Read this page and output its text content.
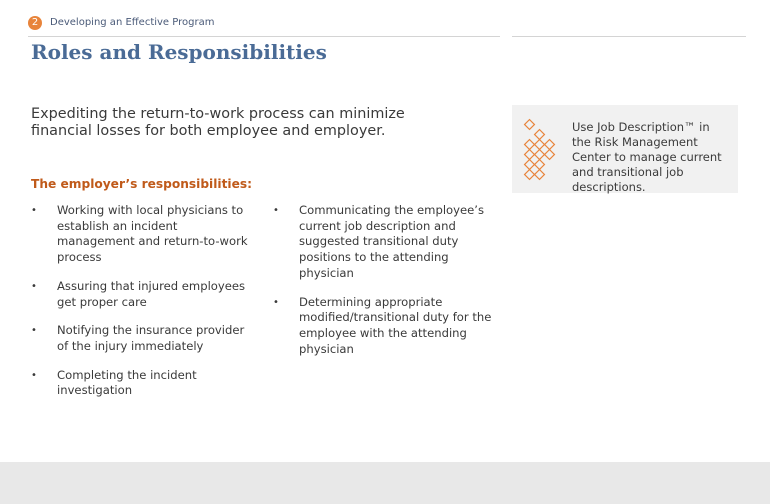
2	Developing an Effective Program
Roles and Responsibilities

Expediting the return-to-work process can minimize financial losses for both employee and employer.

The employer’s responsibilities:
• Working with local physicians to establish an incident management and return-to-work process
• Assuring that injured employees get proper care
• Notifying the insurance provider of the injury immediately
• Completing the incident investigation
• Communicating the employee’s current job description and suggested transitional duty positions to the attending physician
• Determining appropriate modified/transitional duty for the employee with the attending physician

Use Job Description™ in the Risk Management Center to manage current and transitional job descriptions.
